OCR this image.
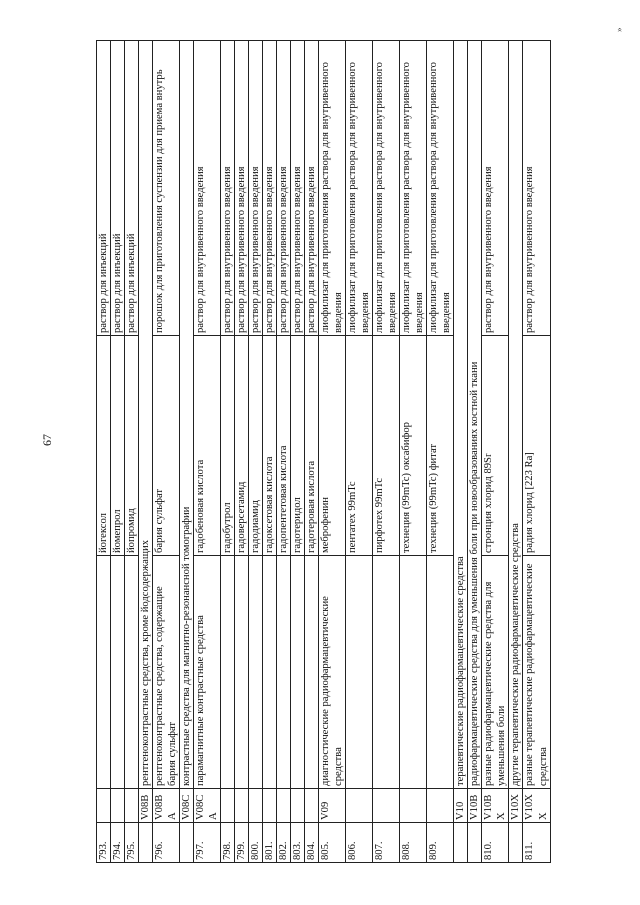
67
»
793.			йогексол	раствор для инъекций
794.			йомепрол	раствор для инъекций
795.			йопромид	раствор для инъекций
	V08B	рентгеноконтрастные средства, кроме йодсодержащих		
796.	V08BA	рентгеноконтрастные средства, содержащие бария сульфат	бария сульфат	порошок для приготовления суспензии для приема внутрь
	V08C	контрастные средства для магнитно-резонансной томографии		
797.	V08CA	парамагнитные контрастные средства	гадобеновая кислота	раствор для внутривенного введения
798.			гадобутрол	раствор для внутривенного введения
799.			гадоверсетамид	раствор для внутривенного введения
800.			гадодиамид	раствор для внутривенного введения
801.			гадоксетовая кислота	раствор для внутривенного введения
802.			гадопентетовая кислота	раствор для внутривенного введения
803.			гадотеридол	раствор для внутривенного введения
804.			гадотеровая кислота	раствор для внутривенного введения
805.	V09	диагностические радиофармацевтические средства	меброфенин	лиофилизат для приготовления раствора для внутривенного введения
806.			пентатех 99mTc	лиофилизат для приготовления раствора для внутривенного введения
807.			пирфотех 99mTc	лиофилизат для приготовления раствора для внутривенного введения
808.			технеция (99mTc) оксабифор	лиофилизат для приготовления раствора для внутривенного введения
809.			технеция (99mTc) фитат	лиофилизат для приготовления раствора для внутривенного введения
	V10	терапевтические радиофармацевтические средства		
	V10B	радиофармацевтические средства для уменьшения боли при новообразованиях костной ткани		
810.	V10BX	разные радиофармацевтические средства для уменьшения боли	стронция хлорид 89Sr	раствор для внутривенного введения
	V10X	другие терапевтические радиофармацевтические средства		
811.	V10XX	разные терапевтические радиофармацевтические средства	радия хлорид [223 Ra]	раствор для внутривенного введения
